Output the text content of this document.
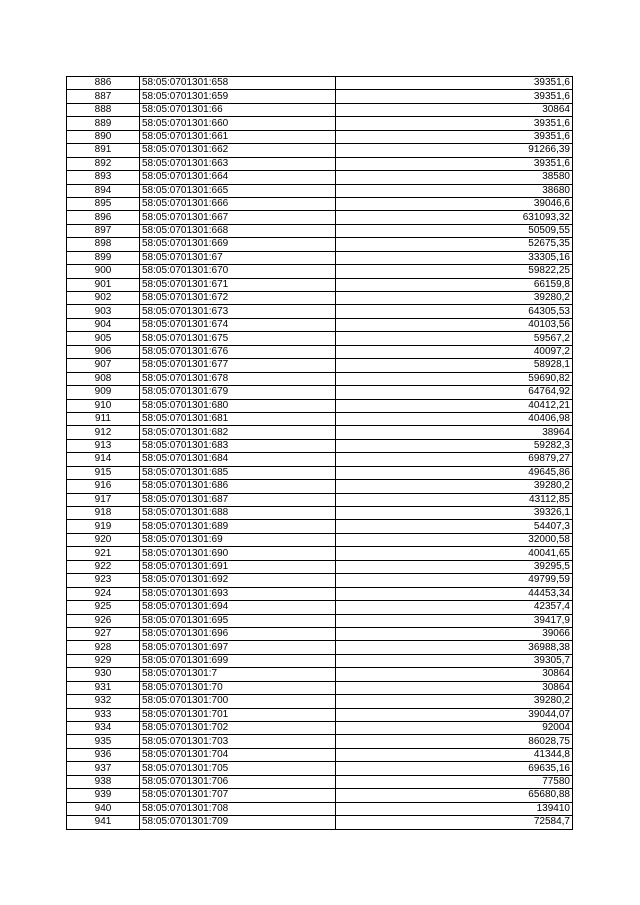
886	58:05:0701301:658	39351,6
887	58:05:0701301:659	39351,6
888	58:05:0701301:66	30864
889	58:05:0701301:660	39351,6
890	58:05:0701301:661	39351,6
891	58:05:0701301:662	91266,39
892	58:05:0701301:663	39351,6
893	58:05:0701301:664	38580
894	58:05:0701301:665	38680
895	58:05:0701301:666	39046,6
896	58:05:0701301:667	631093,32
897	58:05:0701301:668	50509,55
898	58:05:0701301:669	52675,35
899	58:05:0701301:67	33305,16
900	58:05:0701301:670	59822,25
901	58:05:0701301:671	66159,8
902	58:05:0701301:672	39280,2
903	58:05:0701301:673	64305,53
904	58:05:0701301:674	40103,56
905	58:05:0701301:675	59567,2
906	58:05:0701301:676	40097,2
907	58:05:0701301:677	58928,1
908	58:05:0701301:678	59690,82
909	58:05:0701301:679	64764,92
910	58:05:0701301:680	40412,21
911	58:05:0701301:681	40406,98
912	58:05:0701301:682	38964
913	58:05:0701301:683	59282,3
914	58:05:0701301:684	69879,27
915	58:05:0701301:685	49645,86
916	58:05:0701301:686	39280,2
917	58:05:0701301:687	43112,85
918	58:05:0701301:688	39326,1
919	58:05:0701301:689	54407,3
920	58:05:0701301:69	32000,58
921	58:05:0701301:690	40041,65
922	58:05:0701301:691	39295,5
923	58:05:0701301:692	49799,59
924	58:05:0701301:693	44453,34
925	58:05:0701301:694	42357,4
926	58:05:0701301:695	39417,9
927	58:05:0701301:696	39066
928	58:05:0701301:697	36988,38
929	58:05:0701301:699	39305,7
930	58:05:0701301:7	30864
931	58:05:0701301:70	30864
932	58:05:0701301:700	39280,2
933	58:05:0701301:701	39044,07
934	58:05:0701301:702	92004
935	58:05:0701301:703	86028,75
936	58:05:0701301:704	41344,8
937	58:05:0701301:705	69635,16
938	58:05:0701301:706	77580
939	58:05:0701301:707	65680,88
940	58:05:0701301:708	139410
941	58:05:0701301:709	72584,7
